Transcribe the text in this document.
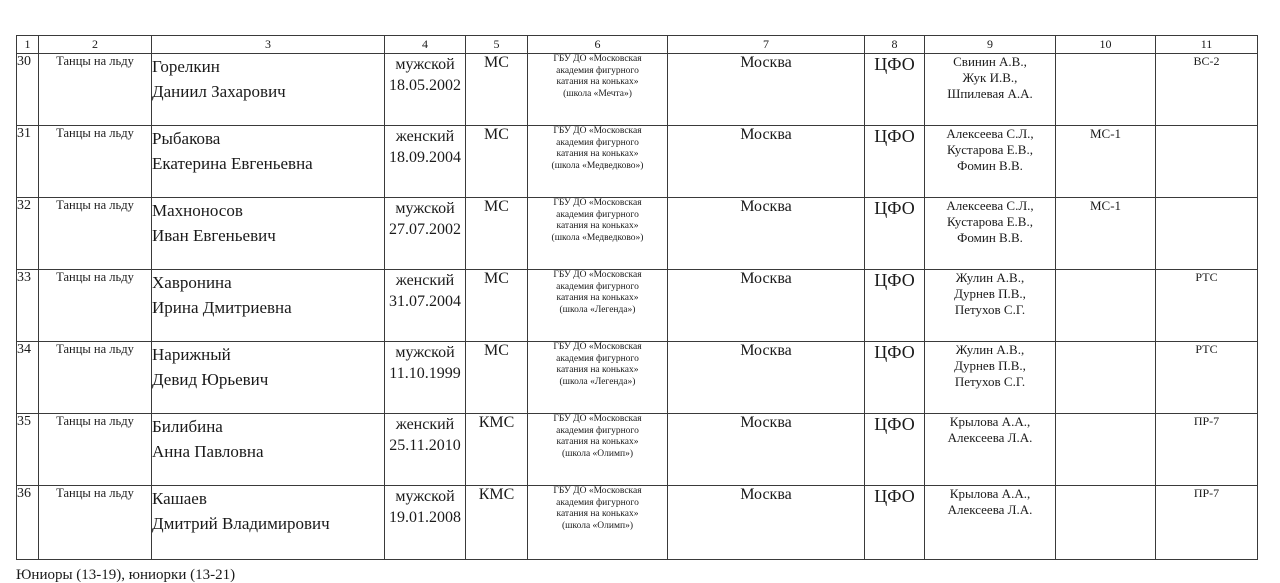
1	2	3	4	5	6	7	8	9	10	11
30	Танцы на льду	Горелкин
Даниил Захарович	мужской
18.05.2002	МС	ГБУ ДО «Московская
академия фигурного
катания на коньках»
(школа «Мечта»)	Москва	ЦФО	Свинин А.В.,
Жук И.В.,
Шпилевая А.А.		ВС-2
31	Танцы на льду	Рыбакова
Екатерина Евгеньевна	женский
18.09.2004	МС	ГБУ ДО «Московская
академия фигурного
катания на коньках»
(школа «Медведково»)	Москва	ЦФО	Алексеева С.Л.,
Кустарова Е.В.,
Фомин В.В.	МС-1	
32	Танцы на льду	Махноносов
Иван Евгеньевич	мужской
27.07.2002	МС	ГБУ ДО «Московская
академия фигурного
катания на коньках»
(школа «Медведково»)	Москва	ЦФО	Алексеева С.Л.,
Кустарова Е.В.,
Фомин В.В.	МС-1	
33	Танцы на льду	Хавронина
Ирина Дмитриевна	женский
31.07.2004	МС	ГБУ ДО «Московская
академия фигурного
катания на коньках»
(школа «Легенда»)	Москва	ЦФО	Жулин А.В.,
Дурнев П.В.,
Петухов С.Г.		РТС
34	Танцы на льду	Нарижный
Девид Юрьевич	мужской
11.10.1999	МС	ГБУ ДО «Московская
академия фигурного
катания на коньках»
(школа «Легенда»)	Москва	ЦФО	Жулин А.В.,
Дурнев П.В.,
Петухов С.Г.		РТС
35	Танцы на льду	Билибина
Анна Павловна	женский
25.11.2010	КМС	ГБУ ДО «Московская
академия фигурного
катания на коньках»
(школа «Олимп»)	Москва	ЦФО	Крылова А.А.,
Алексеева Л.А.		ПР-7
36	Танцы на льду	Кашаев
Дмитрий Владимирович	мужской
19.01.2008	КМС	ГБУ ДО «Московская
академия фигурного
катания на коньках»
(школа «Олимп»)	Москва	ЦФО	Крылова А.А.,
Алексеева Л.А.		ПР-7
Юниоры (13-19), юниорки (13-21)
